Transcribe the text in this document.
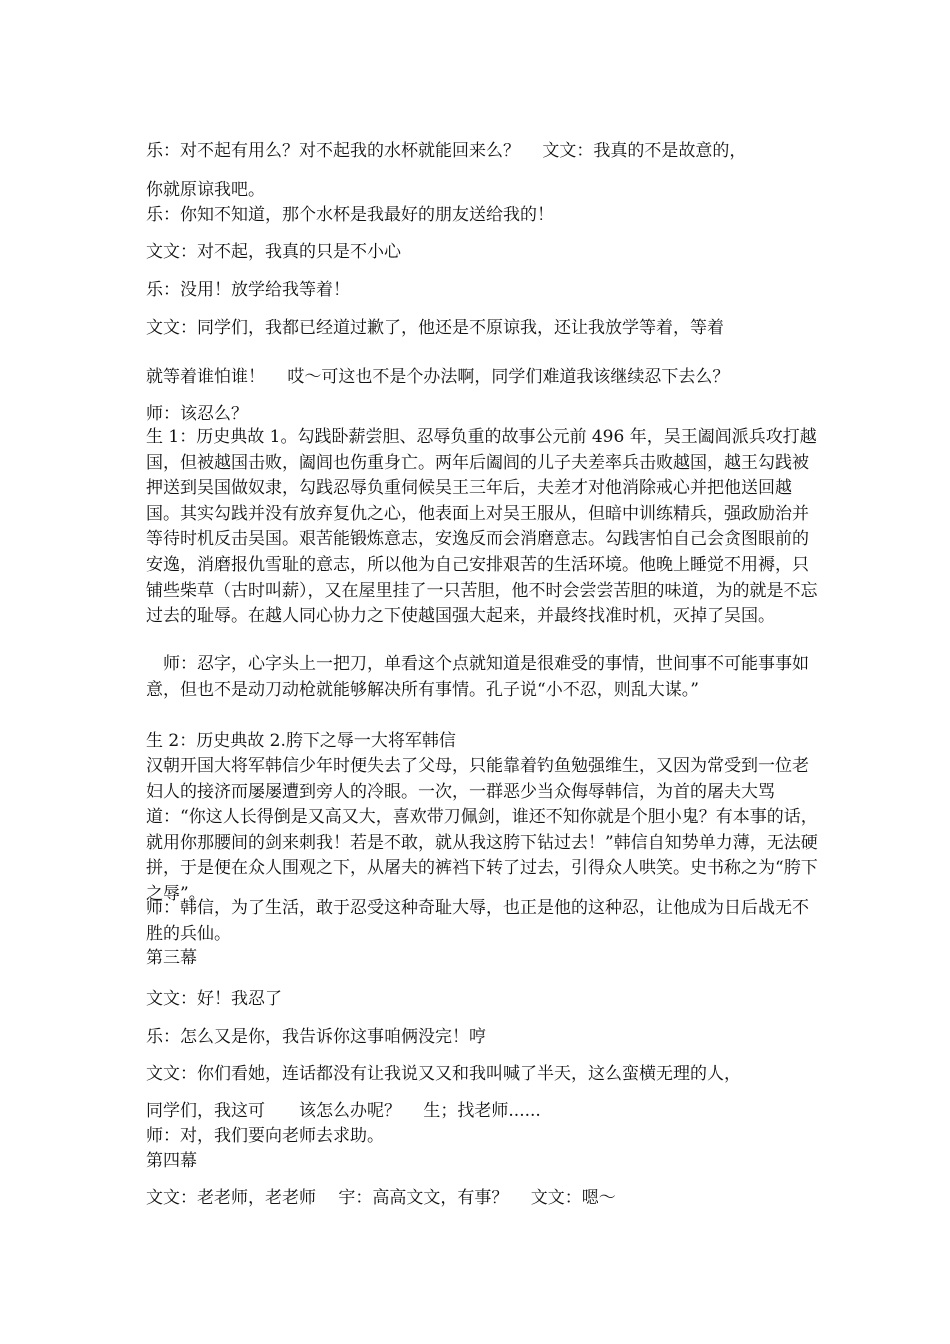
乐：对不起有用么？对不起我的水杯就能回来么？　 文文：我真的不是故意的，
你就原谅我吧。
乐：你知不知道，那个水杯是我最好的朋友送给我的！
文文：对不起，我真的只是不小心
乐：没用！放学给我等着！
文文：同学们，我都已经道过歉了，他还是不原谅我，还让我放学等着，等着
就等着谁怕谁！　 哎～可这也不是个办法啊，同学们难道我该继续忍下去么？
师：该忍么？
生 1：历史典故 1。勾践卧薪尝胆、忍辱负重的故事公元前 496 年，吴王阖闾派兵攻打越国，但被越国击败，阖闾也伤重身亡。两年后阖闾的儿子夫差率兵击败越国，越王勾践被押送到吴国做奴隶，勾践忍辱负重伺候吴王三年后，夫差才对他消除戒心并把他送回越国。其实勾践并没有放弃复仇之心，他表面上对吴王服从，但暗中训练精兵，强政励治并等待时机反击吴国。艰苦能锻炼意志，安逸反而会消磨意志。勾践害怕自己会贪图眼前的安逸，消磨报仇雪耻的意志，所以他为自己安排艰苦的生活环境。他晚上睡觉不用褥，只铺些柴草（古时叫薪），又在屋里挂了一只苦胆，他不时会尝尝苦胆的味道，为的就是不忘过去的耻辱。在越人同心协力之下使越国强大起来，并最终找准时机，灭掉了吴国。
　师：忍字，心字头上一把刀，单看这个点就知道是很难受的事情，世间事不可能事事如意，但也不是动刀动枪就能够解决所有事情。孔子说“小不忍，则乱大谋。”
生 2：历史典故 2.胯下之辱一大将军韩信
汉朝开国大将军韩信少年时便失去了父母，只能靠着钓鱼勉强维生，又因为常受到一位老妇人的接济而屡屡遭到旁人的冷眼。一次，一群恶少当众侮辱韩信，为首的屠夫大骂道：“你这人长得倒是又高又大，喜欢带刀佩剑，谁还不知你就是个胆小鬼？有本事的话，就用你那腰间的剑来刺我！若是不敢，就从我这胯下钻过去！”韩信自知势单力薄，无法硬拼，于是便在众人围观之下，从屠夫的裤裆下转了过去，引得众人哄笑。史书称之为“胯下之辱”。
师：韩信，为了生活，敢于忍受这种奇耻大辱，也正是他的这种忍，让他成为日后战无不胜的兵仙。
第三幕
文文：好！我忍了
乐：怎么又是你，我告诉你这事咱俩没完！哼
文文：你们看她，连话都没有让我说又又和我叫喊了半天，这么蛮横无理的人，
同学们，我这可　　该怎么办呢？　 生；找老师......
师：对，我们要向老师去求助。
第四幕
文文：老老师，老老师　 宇：高高文文，有事？　 文文：嗯～
